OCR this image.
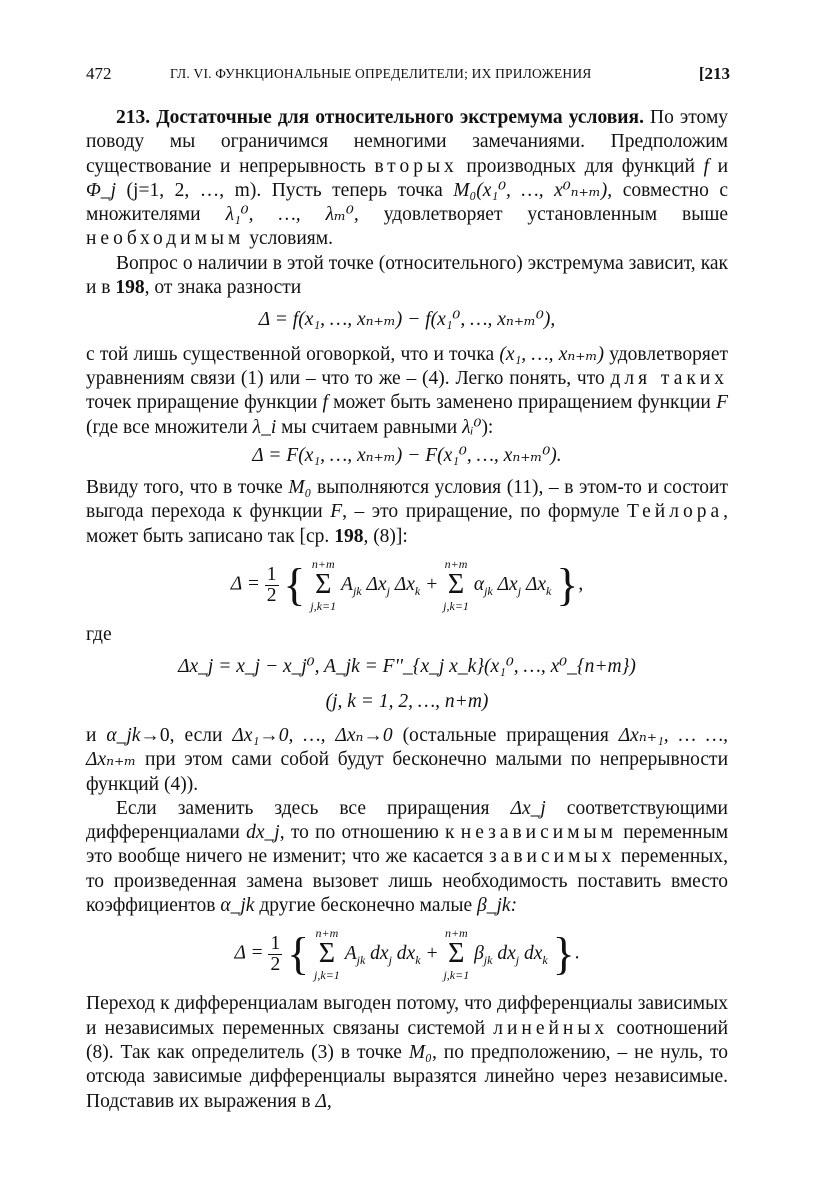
472	ГЛ. VI. ФУНКЦИОНАЛЬНЫЕ ОПРЕДЕЛИТЕЛИ; ИХ ПРИЛОЖЕНИЯ	[213

213. Достаточные для относительного экстремума условия. По этому поводу мы ограничимся немногими замечаниями. Предположим существование и непрерывность вторых производных для функций f и Φ_j (j=1, 2, …, m). Пусть теперь точка M₀(x₁⁰, …, x⁰ₙ₊ₘ), совместно с множителями λ₁⁰, …, λₘ⁰, удовлетворяет установленным выше необходимым условиям.

Вопрос о наличии в этой точке (относительного) экстремума зависит, как и в 198, от знака разности

Δ = f(x₁, …, xₙ₊ₘ) − f(x₁⁰, …, xₙ₊ₘ⁰),

с той лишь существенной оговоркой, что и точка (x₁, …, xₙ₊ₘ) удовлетворяет уравнениям связи (1) или – что то же – (4). Легко понять, что для таких точек приращение функции f может быть заменено приращением функции F (где все множители λ_i мы считаем равными λᵢ⁰):

Δ = F(x₁, …, xₙ₊ₘ) − F(x₁⁰, …, xₙ₊ₘ⁰).

Ввиду того, что в точке M₀ выполняются условия (11), – в этом-то и состоит выгода перехода к функции F, – это приращение, по формуле Тейлора, может быть записано так [ср. 198, (8)]:

$\Delta = \frac{1}{2}$ { n+m
Σ
j,k=1
$A_{jk}$ $\Delta x_j$ $\Delta x_k$ +
n+m
Σ
j,k=1
$\alpha_{jk}$ $\Delta x_j$ $\Delta x_k$ },

где

Δx_j = x_j − x_j⁰, A_jk = F''_{x_j x_k}(x₁⁰, …, x⁰_{n+m})
(j, k = 1, 2, …, n+m)

и α_jk→0, если Δx₁→0, …, Δxₙ→0 (остальные приращения Δxₙ₊₁, … …, Δxₙ₊ₘ при этом сами собой будут бесконечно малыми по непрерывности функций (4)).

Если заменить здесь все приращения Δx_j соответствующими дифференциалами dx_j, то по отношению к независимым переменным это вообще ничего не изменит; что же касается зависимых переменных, то произведенная замена вызовет лишь необходимость поставить вместо коэффициентов α_jk другие бесконечно малые β_jk:

$\Delta = \frac{1}{2}$ { n+m
Σ
j,k=1
$A_{jk}$ $dx_j$ $dx_k$ +
n+m
Σ
j,k=1
$\beta_{jk}$ $dx_j$ $dx_k$ }.

Переход к дифференциалам выгоден потому, что дифференциалы зависимых и независимых переменных связаны системой линейных соотношений (8). Так как определитель (3) в точке M₀, по предположению, – не нуль, то отсюда зависимые дифференциалы выразятся линейно через независимые. Подставив их выражения в Δ,
